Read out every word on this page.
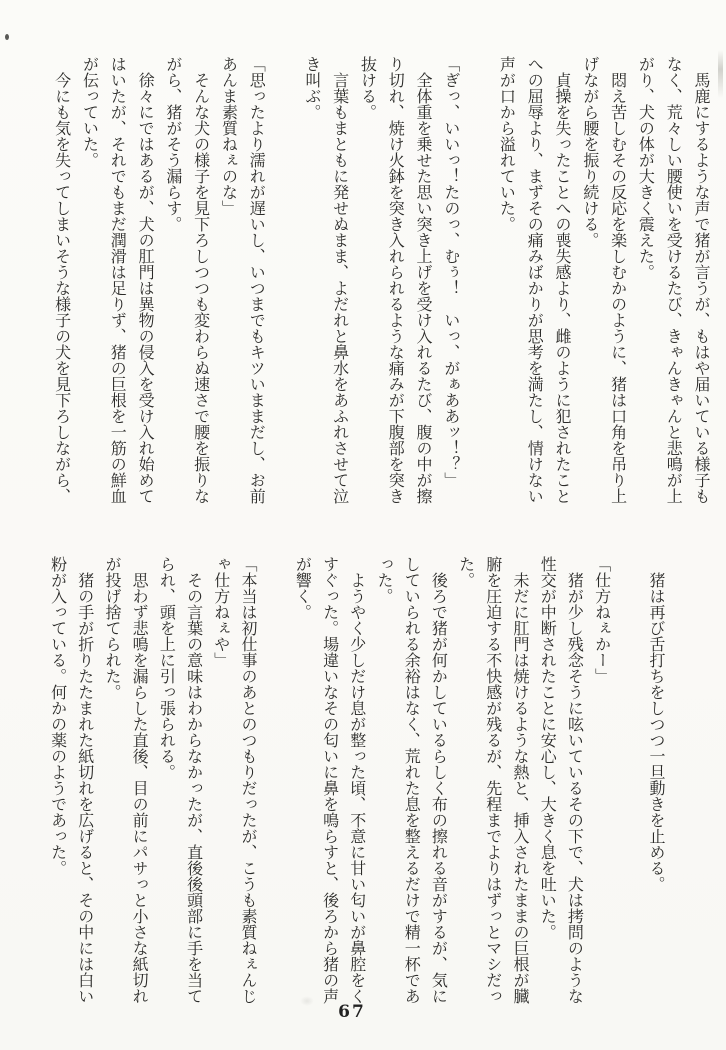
馬鹿にするような声で猪が言うが、もはや届いている様子もなく、荒々しい腰使いを受けるたび、きゃんきゃんと悲鳴が上がり、犬の体が大きく震えた。

悶え苦しむその反応を楽しむかのように、猪は口角を吊り上げながら腰を振り続ける。

貞操を失ったことへの喪失感より、雌のように犯されたことへの屈辱より、まずその痛みばかりが思考を満たし、情けない声が口から溢れていた。

「ぎっ、いいっ！たのっ、むぅ！　いっ、がぁああッ！？」

全体重を乗せた思い突き上げを受け入れるたび、腹の中が擦り切れ、焼け火鉢を突き入れられるような痛みが下腹部を突き抜ける。

言葉もまともに発せぬまま、よだれと鼻水をあふれさせて泣き叫ぶ。

「思ったより濡れが遅いし、いつまでもキツいままだし、お前あんま素質ねぇのな」

そんな犬の様子を見下ろしつつも変わらぬ速さで腰を振りながら、猪がそう漏らす。

徐々にではあるが、犬の肛門は異物の侵入を受け入れ始めてはいたが、それでもまだ潤滑は足りず、猪の巨根を一筋の鮮血が伝っていた。

今にも気を失ってしまいそうな様子の犬を見下ろしながら、

猪は再び舌打ちをしつつ一旦動きを止める。

「仕方ねぇかー」

猪が少し残念そうに呟いているその下で、犬は拷問のような性交が中断されたことに安心し、大きく息を吐いた。

未だに肛門は焼けるような熱と、挿入されたままの巨根が臓腑を圧迫する不快感が残るが、先程までよりはずっとマシだった。

後ろで猪が何かしているらしく布の擦れる音がするが、気にしていられる余裕はなく、荒れた息を整えるだけで精一杯であった。

ようやく少しだけ息が整った頃、不意に甘い匂いが鼻腔をくすぐった。場違いなその匂いに鼻を鳴らすと、後ろから猪の声が響く。

「本当は初仕事のあとのつもりだったが、こうも素質ねぇんじゃ仕方ねぇや」

その言葉の意味はわからなかったが、直後後頭部に手を当てられ、頭を上に引っ張られる。

思わず悲鳴を漏らした直後、目の前にパサっと小さな紙切れが投げ捨てられた。

猪の手が折りたたまれた紙切れを広げると、その中には白い粉が入っている。何かの薬のようであった。

67
